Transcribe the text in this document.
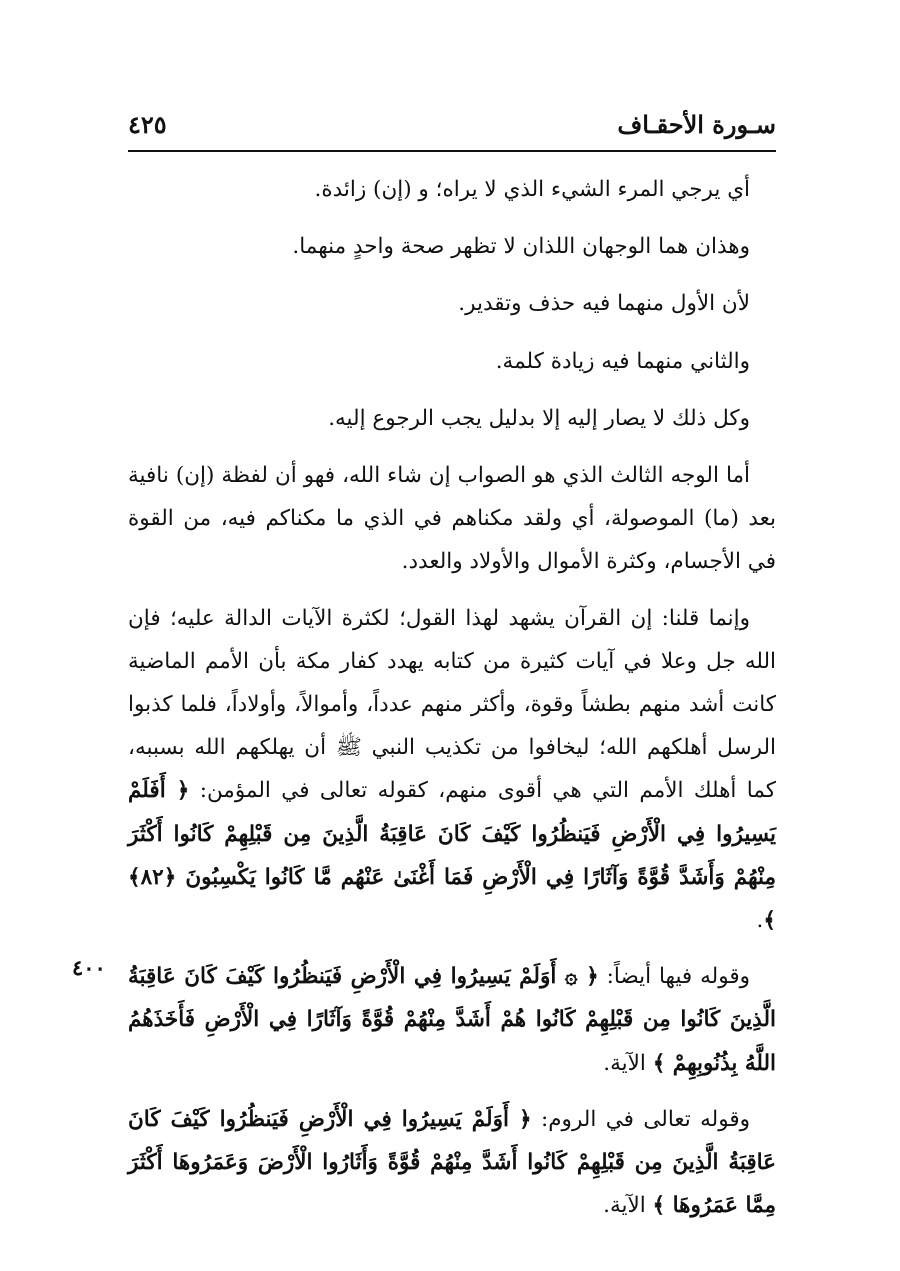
سـورة الأحقـاف
٤٢٥
٤٠٠

أي يرجي المرء الشيء الذي لا يراه؛ و (إن) زائدة.

وهذان هما الوجهان اللذان لا تظهر صحة واحدٍ منهما.

لأن الأول منهما فيه حذف وتقدير.

والثاني منهما فيه زيادة كلمة.

وكل ذلك لا يصار إليه إلا بدليل يجب الرجوع إليه.

أما الوجه الثالث الذي هو الصواب إن شاء الله، فهو أن لفظة (إن) نافية بعد (ما) الموصولة، أي ولقد مكناهم في الذي ما مكناكم فيه، من القوة في الأجسام، وكثرة الأموال والأولاد والعدد.

وإنما قلنا: إن القرآن يشهد لهذا القول؛ لكثرة الآيات الدالة عليه؛ فإن الله جل وعلا في آيات كثيرة من كتابه يهدد كفار مكة بأن الأمم الماضية كانت أشد منهم بطشاً وقوة، وأكثر منهم عدداً، وأموالاً، وأولاداً، فلما كذبوا الرسل أهلكهم الله؛ ليخافوا من تكذيب النبي ﷺ أن يهلكهم الله بسببه، كما أهلك الأمم التي هي أقوى منهم، كقوله تعالى في المؤمن: ﴿ أَفَلَمْ يَسِيرُوا فِي الْأَرْضِ فَيَنظُرُوا كَيْفَ كَانَ عَاقِبَةُ الَّذِينَ مِن قَبْلِهِمْ كَانُوا أَكْثَرَ مِنْهُمْ وَأَشَدَّ قُوَّةً وَآثَارًا فِي الْأَرْضِ فَمَا أَغْنَىٰ عَنْهُم مَّا كَانُوا يَكْسِبُونَ ﴿٨٢﴾ ﴾.

وقوله فيها أيضاً: ﴿ ۞ أَوَلَمْ يَسِيرُوا فِي الْأَرْضِ فَيَنظُرُوا كَيْفَ كَانَ عَاقِبَةُ الَّذِينَ كَانُوا مِن قَبْلِهِمْ كَانُوا هُمْ أَشَدَّ مِنْهُمْ قُوَّةً وَآثَارًا فِي الْأَرْضِ فَأَخَذَهُمُ اللَّهُ بِذُنُوبِهِمْ ﴾ الآية.

وقوله تعالى في الروم: ﴿ أَوَلَمْ يَسِيرُوا فِي الْأَرْضِ فَيَنظُرُوا كَيْفَ كَانَ عَاقِبَةُ الَّذِينَ مِن قَبْلِهِمْ كَانُوا أَشَدَّ مِنْهُمْ قُوَّةً وَأَثَارُوا الْأَرْضَ وَعَمَرُوهَا أَكْثَرَ مِمَّا عَمَرُوهَا ﴾ الآية.
